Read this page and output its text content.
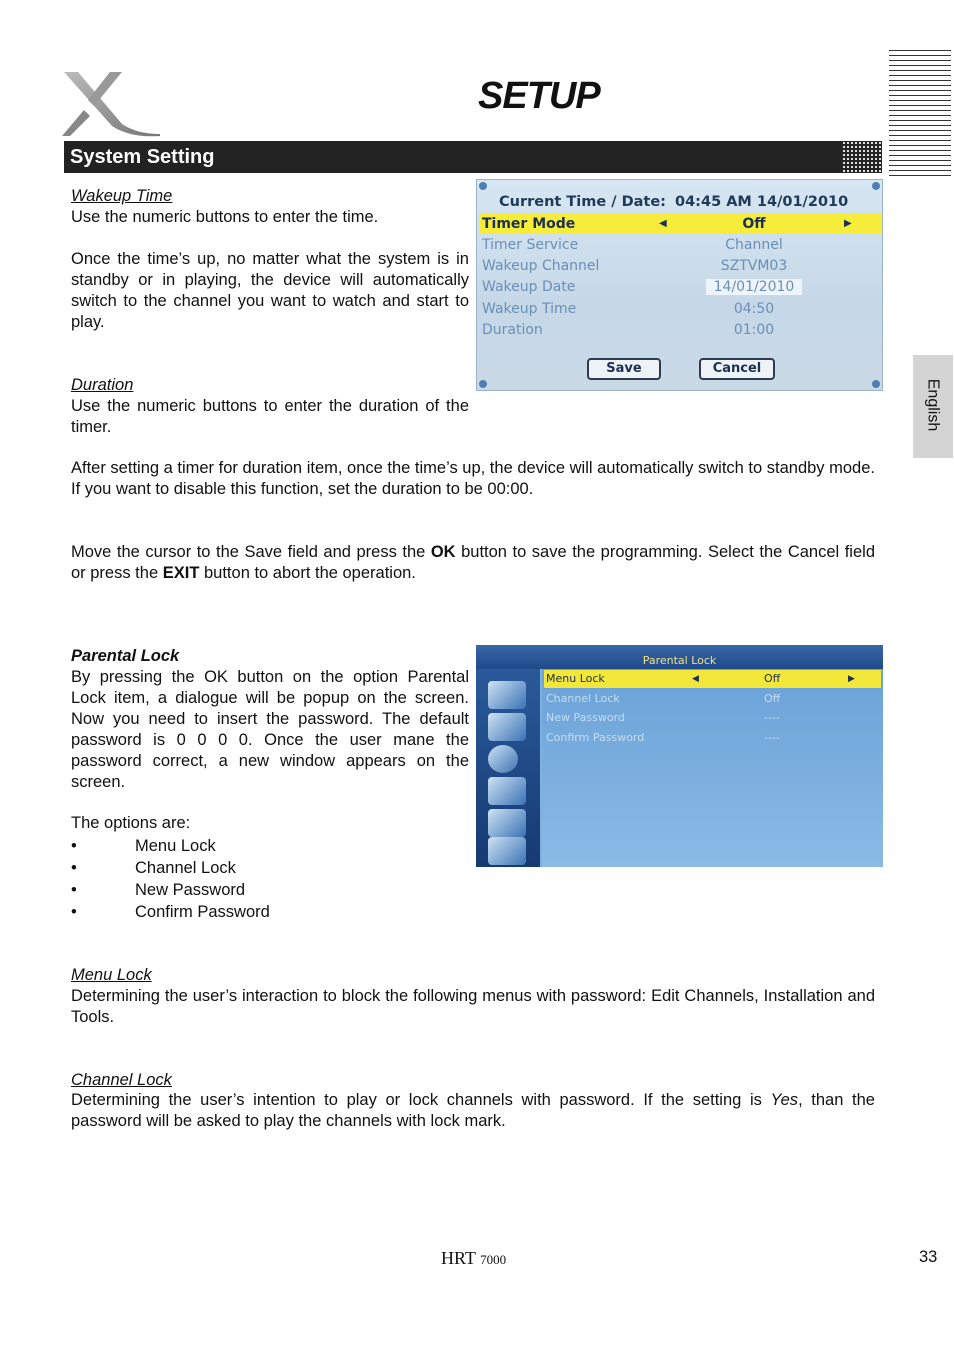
SETUP
System Setting
English
Wakeup Time
Use the numeric buttons to enter the time.
Once the time’s up, no matter what the system is in standby or in playing, the device will automatically switch to the channel you want to watch and start to play.
Duration
Use the numeric buttons to enter the duration of the timer.
After setting a timer for duration item, once the time’s up, the device will automatically switch to standby mode. If you want to disable this function, set the duration to be 00:00.
Move the cursor to the Save field and press the OK button to save the programming. Select the Cancel field or press the EXIT button to abort the operation.
Parental Lock
By pressing the OK button on the option Parental Lock item, a dialogue will be popup on the screen. Now you need to insert the password. The default password is 0 0 0 0. Once the user mane the password correct, a new window appears on the screen.
The options are:
• Menu Lock
• Channel Lock
• New Password
• Confirm Password
Menu Lock
Determining the user’s interaction to block the following menus with password: Edit Channels, Installation and Tools.
Channel Lock
Determining the user’s intention to play or lock channels with password. If the setting is Yes, than the password will be asked to play the channels with lock mark.
Current Time / Date: 04:45 AM 14/01/2010
Timer Mode	◀	Off	▶
Timer Service	Channel
Wakeup Channel	SZTVM03
Wakeup Date	14/01/2010
Wakeup Time	04:50
Duration	01:00
Save	Cancel
Parental Lock
Menu Lock	◀	Off	▶
Channel Lock	Off
New Password	----
Confirm Password	----
HRT 7000	33
